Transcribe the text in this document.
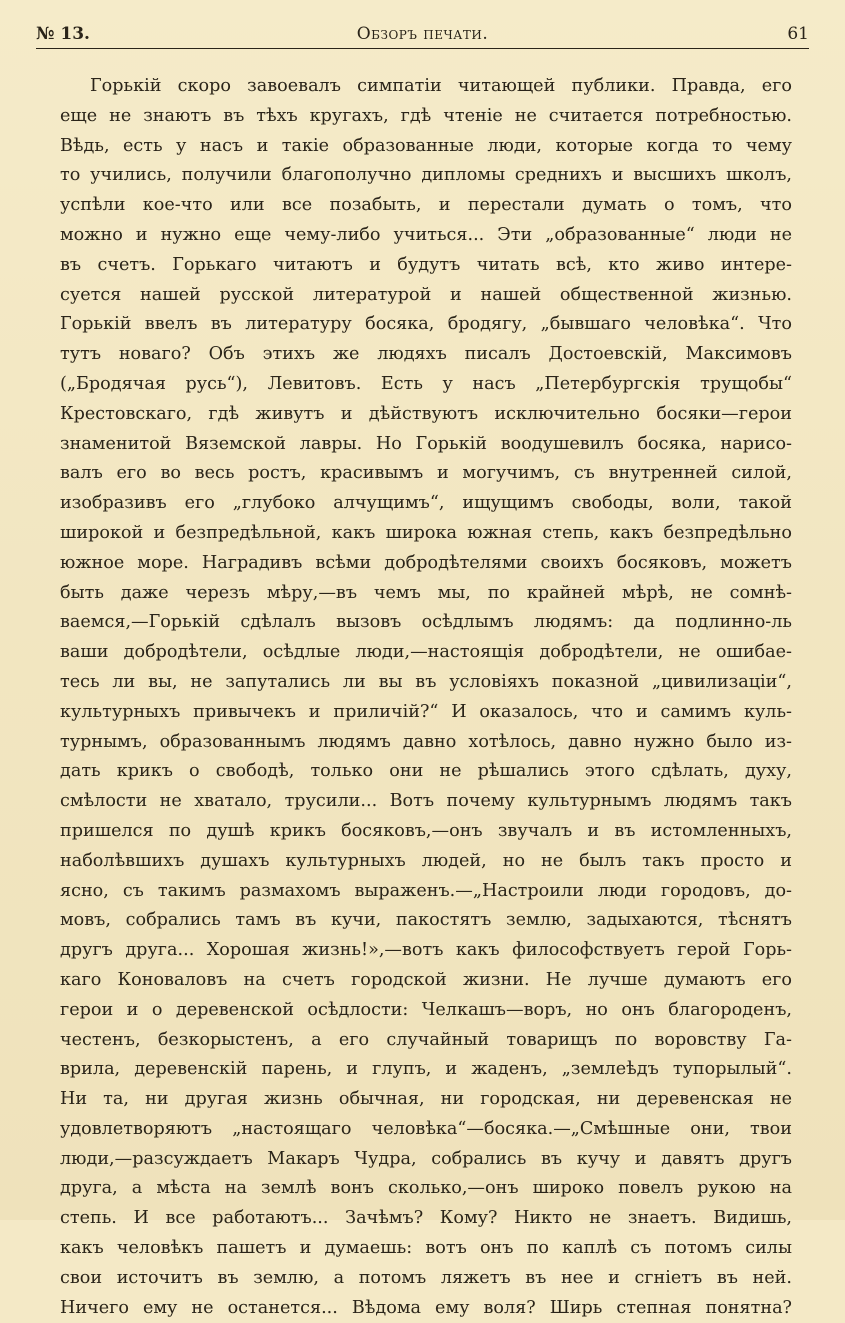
№ 13.	Обзоръ печати.	61
Горькій скоро завоевалъ симпатіи читающей публики. Правда, его
еще не знаютъ въ тѣхъ кругахъ, гдѣ чтеніе не считается потребностью.
Вѣдь, есть у насъ и такіе образованные люди, которые когда то чему
то учились, получили благополучно дипломы среднихъ и высшихъ школъ,
успѣли кое-что или все позабыть, и перестали думать о томъ, что
можно и нужно еще чему-либо учиться... Эти „образованные“ люди не
въ счетъ. Горькаго читаютъ и будутъ читать всѣ, кто живо интере-
суется нашей русской литературой и нашей общественной жизнью.
Горькій ввелъ въ литературу босяка, бродягу, „бывшаго человѣка“. Что
тутъ новаго? Объ этихъ же людяхъ писалъ Достоевскій, Максимовъ
(„Бродячая русь“), Левитовъ. Есть у насъ „Петербургскія трущобы“
Крестовскаго, гдѣ живутъ и дѣйствуютъ исключительно босяки—герои
знаменитой Вяземской лавры. Но Горькій воодушевилъ босяка, нарисо-
валъ его во весь ростъ, красивымъ и могучимъ, съ внутренней силой,
изобразивъ его „глубоко алчущимъ“, ищущимъ свободы, воли, такой
широкой и безпредѣльной, какъ широка южная степь, какъ безпредѣльно
южное море. Наградивъ всѣми добродѣтелями своихъ босяковъ, можетъ
быть даже черезъ мѣру,—въ чемъ мы, по крайней мѣрѣ, не сомнѣ-
ваемся,—Горькій сдѣлалъ вызовъ осѣдлымъ людямъ: да подлинно-ль
ваши добродѣтели, осѣдлые люди,—настоящія добродѣтели, не ошибае-
тесь ли вы, не запутались ли вы въ условіяхъ показной „цивилизаціи“,
культурныхъ привычекъ и приличій?“ И оказалось, что и самимъ куль-
турнымъ, образованнымъ людямъ давно хотѣлось, давно нужно было из-
дать крикъ о свободѣ, только они не рѣшались этого сдѣлать, духу,
смѣлости не хватало, трусили... Вотъ почему культурнымъ людямъ такъ
пришелся по душѣ крикъ босяковъ,—онъ звучалъ и въ истомленныхъ,
наболѣвшихъ душахъ культурныхъ людей, но не былъ такъ просто и
ясно, съ такимъ размахомъ выраженъ.—„Настроили люди городовъ, до-
мовъ, собрались тамъ въ кучи, пакостятъ землю, задыхаются, тѣснятъ
другъ друга... Хорошая жизнь!»,—вотъ какъ философствуетъ герой Горь-
каго Коноваловъ на счетъ городской жизни. Не лучше думаютъ его
герои и о деревенской осѣдлости: Челкашъ—воръ, но онъ благороденъ,
честенъ, безкорыстенъ, а его случайный товарищъ по воровству Га-
врила, деревенскій парень, и глупъ, и жаденъ, „землеѣдъ тупорылый“.
Ни та, ни другая жизнь обычная, ни городская, ни деревенская не
удовлетворяютъ „настоящаго человѣка“—босяка.—„Смѣшные они, твои
люди,—разсуждаетъ Макаръ Чудра, собрались въ кучу и давятъ другъ
друга, а мѣста на землѣ вонъ сколько,—онъ широко повелъ рукою на
степь. И все работаютъ... Зачѣмъ? Кому? Никто не знаетъ. Видишь,
какъ человѣкъ пашетъ и думаешь: вотъ онъ по каплѣ съ потомъ силы
свои источитъ въ землю, а потомъ ляжетъ въ нее и сгніетъ въ ней.
Ничего ему не останется... Вѣдома ему воля? Ширь степная понятна?
